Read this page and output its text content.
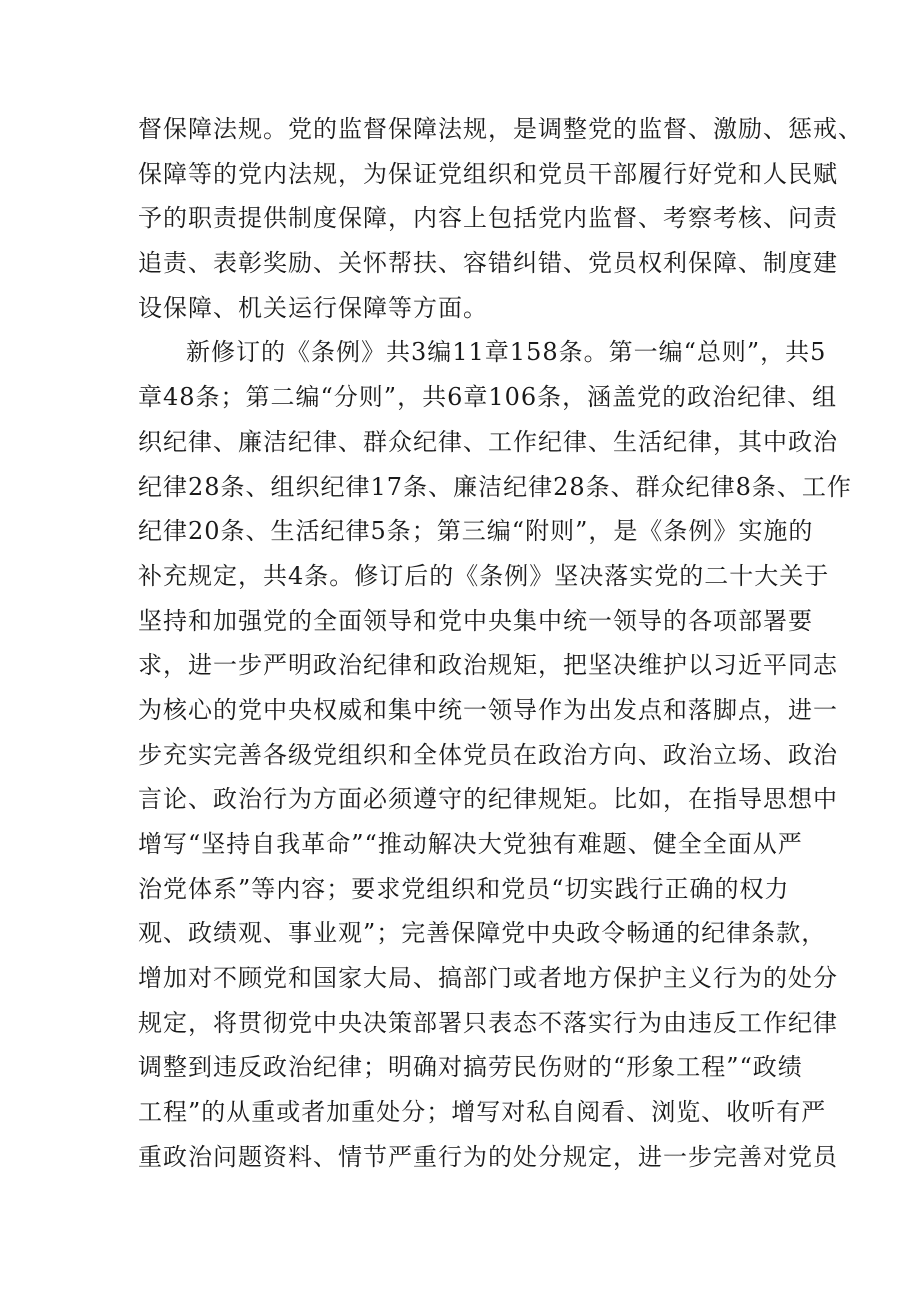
督保障法规。党的监督保障法规，是调整党的监督、激励、惩戒、
保障等的党内法规，为保证党组织和党员干部履行好党和人民赋
予的职责提供制度保障，内容上包括党内监督、考察考核、问责
追责、表彰奖励、关怀帮扶、容错纠错、党员权利保障、制度建
设保障、机关运行保障等方面。
新修订的《条例》共3编11章158条。第一编“总则”，共5
章48条；第二编“分则”，共6章106条，涵盖党的政治纪律、组
织纪律、廉洁纪律、群众纪律、工作纪律、生活纪律，其中政治
纪律28条、组织纪律17条、廉洁纪律28条、群众纪律8条、工作
纪律20条、生活纪律5条；第三编“附则”，是《条例》实施的
补充规定，共4条。修订后的《条例》坚决落实党的二十大关于
坚持和加强党的全面领导和党中央集中统一领导的各项部署要
求，进一步严明政治纪律和政治规矩，把坚决维护以习近平同志
为核心的党中央权威和集中统一领导作为出发点和落脚点，进一
步充实完善各级党组织和全体党员在政治方向、政治立场、政治
言论、政治行为方面必须遵守的纪律规矩。比如，在指导思想中
增写“坚持自我革命”“推动解决大党独有难题、健全全面从严
治党体系”等内容；要求党组织和党员“切实践行正确的权力
观、政绩观、事业观”；完善保障党中央政令畅通的纪律条款，
增加对不顾党和国家大局、搞部门或者地方保护主义行为的处分
规定，将贯彻党中央决策部署只表态不落实行为由违反工作纪律
调整到违反政治纪律；明确对搞劳民伤财的“形象工程”“政绩
工程”的从重或者加重处分；增写对私自阅看、浏览、收听有严
重政治问题资料、情节严重行为的处分规定，进一步完善对党员
